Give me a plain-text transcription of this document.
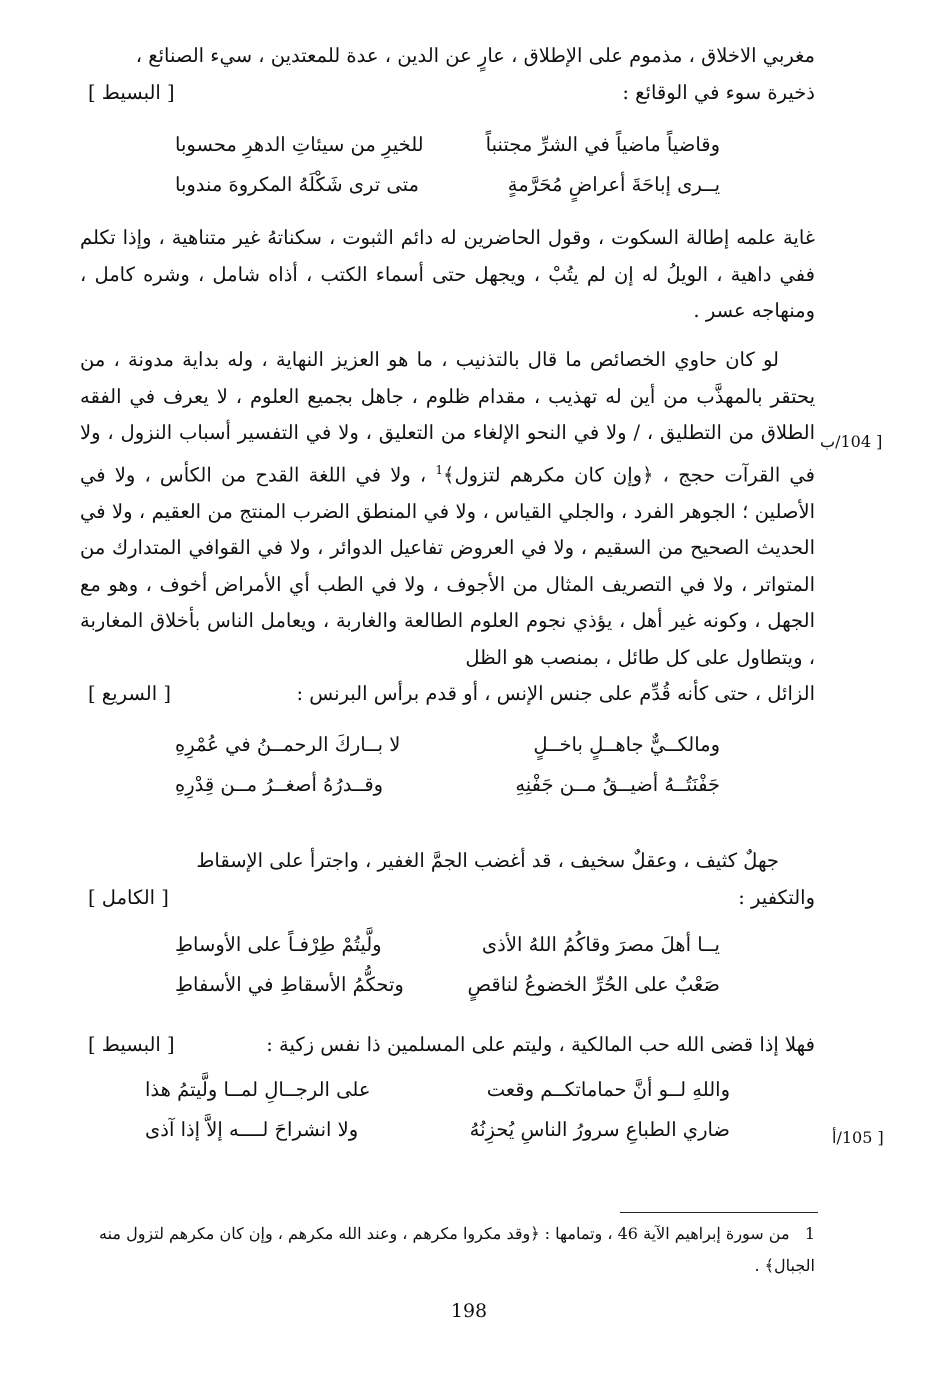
مغربي الاخلاق ، مذموم على الإطلاق ، عارٍ عن الدين ، عدة للمعتدين ، سيء الصنائع ،

ذخيرة سوء في الوقائع :
[ البسيط ]
وقاضياً ماضياً في الشرِّ مجتنباً
للخيرِ من سيئاتِ الدهرِ محسوبا
يــرى إباحَةَ أعراضٍ مُحَرَّمةٍ
متى ترى شَكْلَهُ المكروهَ مندوبا

غاية علمه إطالة السكوت ، وقول الحاضرين له دائم الثبوت ، سكناتهُ غير متناهية ، وإذا تكلم ففي داهية ، الويلُ له إن لم يتُبْ ، ويجهل حتى أسماء الكتب ، أذاه شامل ، وشره كامل ، ومنهاجه عسر .

لو كان حاوي الخصائص ما قال بالتذنيب ، ما هو العزيز النهاية ، وله بداية مدونة ، من يحتقر بالمهذَّب من أين له تهذيب ، مقدام ظلوم ، جاهل بجميع العلوم ، لا يعرف في الفقه الطلاق من التطليق ، / ولا في النحو الإلغاء من التعليق ، ولا في التفسير أسباب النزول ، ولا في القرآت حجج ، ﴿وإن كان مكرهم لتزول﴾$^1$ ، ولا في اللغة القدح من الكأس ، ولا في الأصلين ؛ الجوهر الفرد ، والجلي القياس ، ولا في المنطق الضرب المنتج من العقيم ، ولا في الحديث الصحيح من السقيم ، ولا في العروض تفاعيل الدوائر ، ولا في القوافي المتدارك من المتواتر ، ولا في التصريف المثال من الأجوف ، ولا في الطب أي الأمراض أخوف ، وهو مع الجهل ، وكونه غير أهل ، يؤذي نجوم العلوم الطالعة والغاربة ، ويعامل الناس بأخلاق المغاربة ، ويتطاول على كل طائل ، بمنصب هو الظل

الزائل ، حتى كأنه قُدِّم على جنس الإنس ، أو قدم برأس البرنس :
[ السريع ]
ومالكــيٌّ جاهــلٍ باخــلٍ
لا بــاركَ الرحمــنُ في عُمْرِهِ
جَفْنَتُــهُ أضيــقُ مــن جَفْنِهِ
وقــدرُهُ أصغــرُ مــن قِدْرِهِ

جهلٌ كثيف ، وعقلٌ سخيف ، قد أغضب الجمَّ الغفير ، واجترأ على الإسقاط

والتكفير :
[ الكامل ]
يــا أهلَ مصرَ وقاكُمُ اللهُ الأذى
ولَّيتُمْ طِرْفـاً على الأوساطِ
صَعْبٌ على الحُرِّ الخضوعُ لناقصٍ
وتحكُّمُ الأسقاطِ في الأسفاطِ
فهلا إذا قضى الله حب المالكية ، وليتم على المسلمين ذا نفس زكية :
[ البسيط ]
واللهِ لــو أنَّ حماماتكــم وقعت
على الرجــالِ لمــا ولَّيتمُ هذا
ضاري الطباعِ سرورُ الناسِ يُحزِنُهُ
ولا انشراحَ لــــه إلاَّ إذا آذى
[ 104/ب
[ 105/أ
1   من سورة إبراهيم الآية 46 ، وتمامها : ﴿وقد مكروا مكرهم ، وعند الله مكرهم ، وإن كان مكرهم لتزول منه الجبال﴾ .
198
